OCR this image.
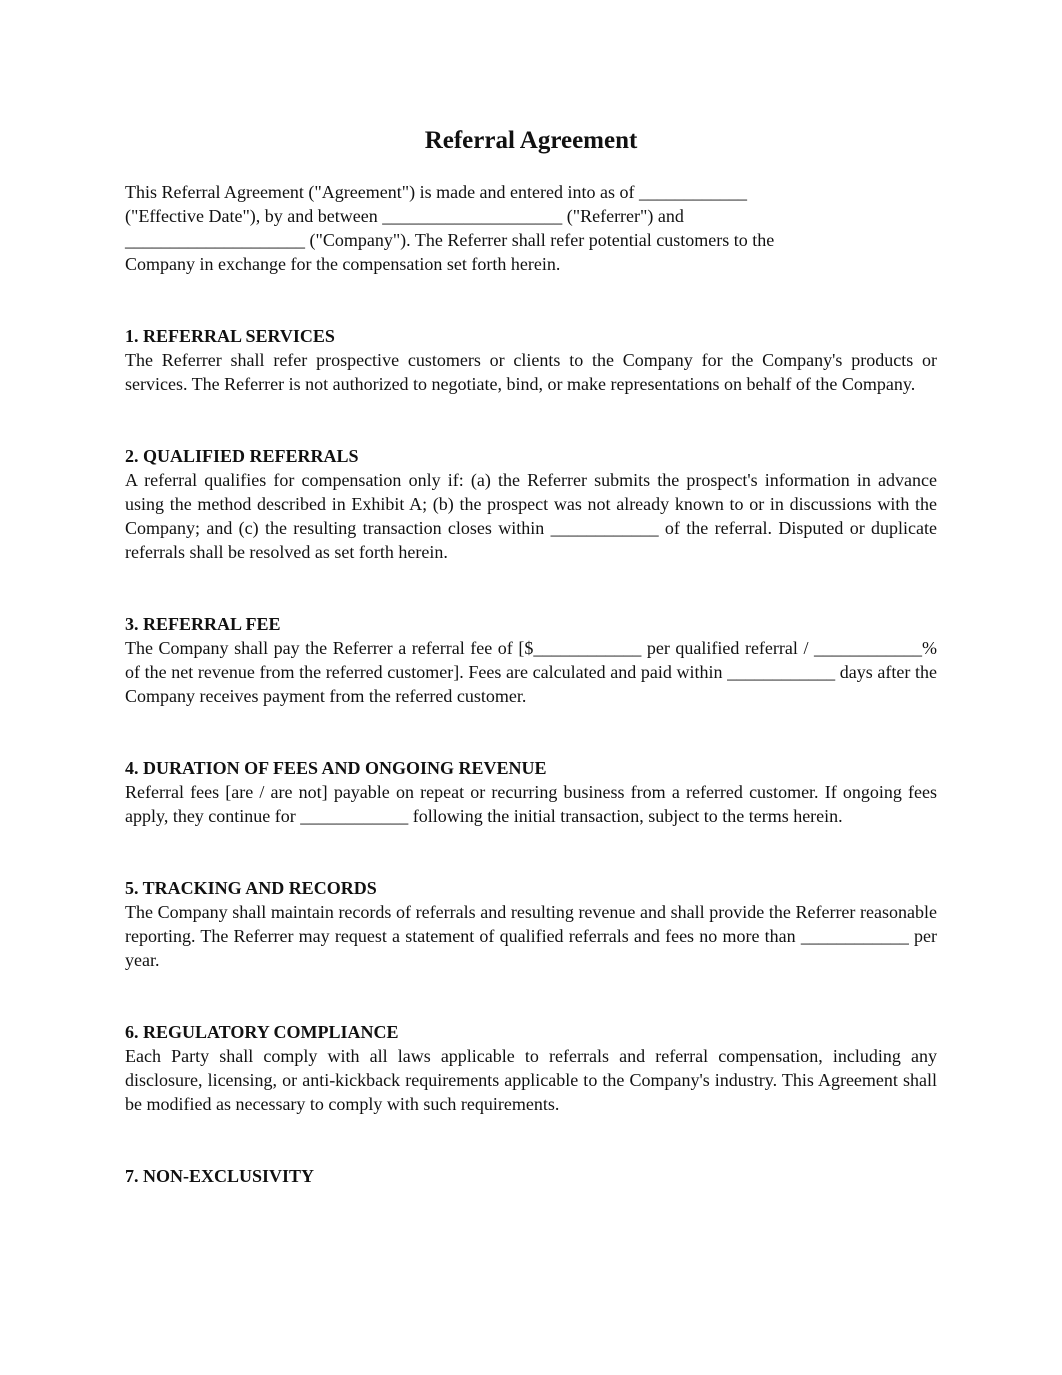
Referral Agreement
This Referral Agreement ("Agreement") is made and entered into as of ____________
("Effective Date"), by and between ____________________ ("Referrer") and
____________________ ("Company"). The Referrer shall refer potential customers to the
Company in exchange for the compensation set forth herein.
1. REFERRAL SERVICES

The Referrer shall refer prospective customers or clients to the Company for the Company's products or services. The Referrer is not authorized to negotiate, bind, or make representations on behalf of the Company.

2. QUALIFIED REFERRALS

A referral qualifies for compensation only if: (a) the Referrer submits the prospect's information in advance using the method described in Exhibit A; (b) the prospect was not already known to or in discussions with the Company; and (c) the resulting transaction closes within ____________ of the referral. Disputed or duplicate referrals shall be resolved as set forth herein.

3. REFERRAL FEE

The Company shall pay the Referrer a referral fee of [$____________ per qualified referral / ____________% of the net revenue from the referred customer]. Fees are calculated and paid within ____________ days after the Company receives payment from the referred customer.

4. DURATION OF FEES AND ONGOING REVENUE

Referral fees [are / are not] payable on repeat or recurring business from a referred customer. If ongoing fees apply, they continue for ____________ following the initial transaction, subject to the terms herein.

5. TRACKING AND RECORDS

The Company shall maintain records of referrals and resulting revenue and shall provide the Referrer reasonable reporting. The Referrer may request a statement of qualified referrals and fees no more than ____________ per year.

6. REGULATORY COMPLIANCE

Each Party shall comply with all laws applicable to referrals and referral compensation, including any disclosure, licensing, or anti-kickback requirements applicable to the Company's industry. This Agreement shall be modified as necessary to comply with such requirements.

7. NON-EXCLUSIVITY
